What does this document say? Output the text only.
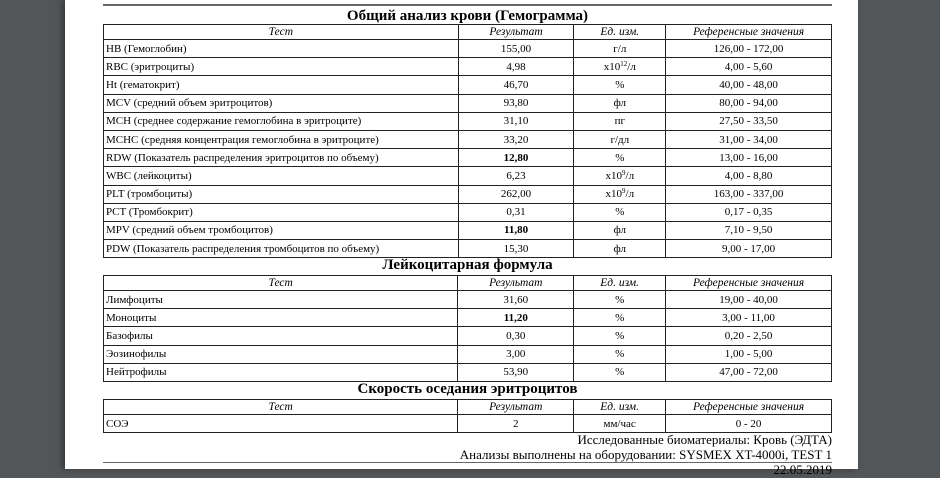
Общий анализ крови (Гемограмма)
Тест	Результат	Ед. изм.	Референсные значения
HB (Гемоглобин)	155,00	г/л	126,00 - 172,00
RBC (эритроциты)	4,98	$x10^{12}/л$	4,00 - 5,60
Ht (гематокрит)	46,70	%	40,00 - 48,00
MCV (средний объем эритроцитов)	93,80	фл	80,00 - 94,00
MCH (среднее содержание гемоглобина в эритроците)	31,10	пг	27,50 - 33,50
MCHC (средняя концентрация гемоглобина в эритроците)	33,20	г/дл	31,00 - 34,00
RDW (Показатель распределения эритроцитов по объему)	12,80	%	13,00 - 16,00
WBC (лейкоциты)	6,23	$x10^9/л$	4,00 - 8,80
PLT (тромбоциты)	262,00	$x10^9/л$	163,00 - 337,00
PCT (Тромбокрит)	0,31	%	0,17 - 0,35
MPV (средний объем тромбоцитов)	11,80	фл	7,10 - 9,50
PDW (Показатель распределения тромбоцитов по объему)	15,30	фл	9,00 - 17,00
Лейкоцитарная формула
Тест	Результат	Ед. изм.	Референсные значения
Лимфоциты	31,60	%	19,00 - 40,00
Моноциты	11,20	%	3,00 - 11,00
Базофилы	0,30	%	0,20 - 2,50
Эозинофилы	3,00	%	1,00 - 5,00
Нейтрофилы	53,90	%	47,00 - 72,00
Скорость оседания эритроцитов
Тест	Результат	Ед. изм.	Референсные значения
СОЭ	2	мм/час	0 - 20
Исследованные биоматериалы: Кровь (ЭДТА)
Анализы выполнены на оборудовании: SYSMEX XT-4000i, TEST 1
22.05.2019
